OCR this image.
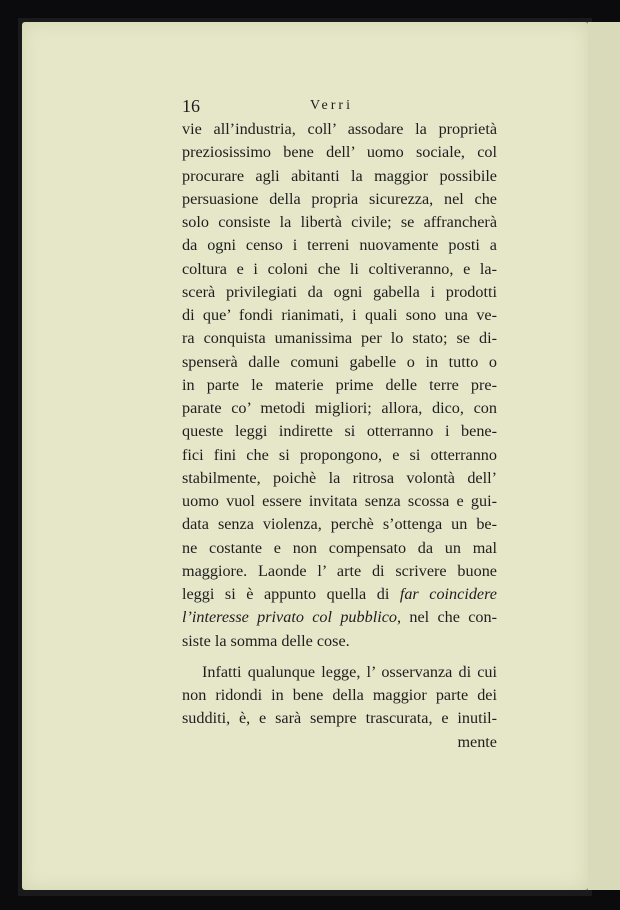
16	Verri
vie all’industria, coll’ assodare la proprietà
preziosissimo bene dell’ uomo sociale, col
procurare agli abitanti la maggior possibile
persuasione della propria sicurezza, nel che
solo consiste la libertà civile; se affrancherà
da ogni censo i terreni nuovamente posti a
coltura e i coloni che li coltiveranno, e la-
scerà privilegiati da ogni gabella i prodotti
di que’ fondi rianimati, i quali sono una ve-
ra conquista umanissima per lo stato; se di-
spenserà dalle comuni gabelle o in tutto o
in parte le materie prime delle terre pre-
parate co’ metodi migliori; allora, dico, con
queste leggi indirette si otterranno i bene-
fici fini che si propongono, e si otterranno
stabilmente, poichè la ritrosa volontà dell’
uomo vuol essere invitata senza scossa e gui-
data senza violenza, perchè s’ottenga un be-
ne costante e non compensato da un mal
maggiore. Laonde l’ arte di scrivere buone
leggi si è appunto quella di far coincidere
l’interesse privato col pubblico, nel che con-
siste la somma delle cose.
Infatti qualunque legge, l’ osservanza di cui
non ridondi in bene della maggior parte dei
sudditi, è, e sarà sempre trascurata, e inutil-
mente
